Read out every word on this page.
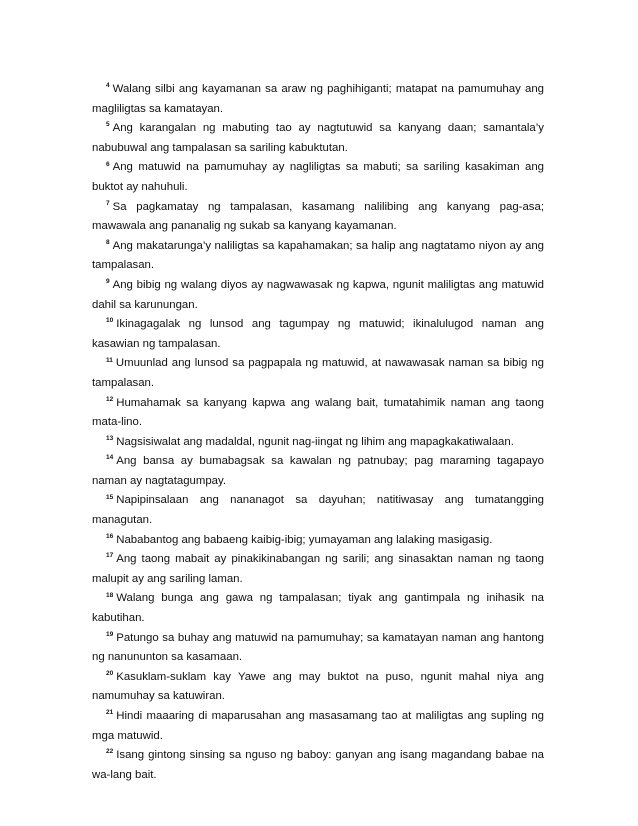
$^4$ Walang silbi ang kayamanan sa araw ng paghihiganti; matapat na pamumuhay ang magliligtas sa kamatayan.

$^5$ Ang karangalan ng mabuting tao ay nagtutuwid sa kanyang daan; samantala’y nabubuwal ang tampalasan sa sariling kabuktutan.

$^6$ Ang matuwid na pamumuhay ay nagliligtas sa mabuti; sa sariling kasakiman ang buktot ay nahuhuli.

$^7$ Sa pagkamatay ng tampalasan, kasamang nalilibing ang kanyang pag-asa; mawawala ang pananalig ng sukab sa kanyang kayamanan.

$^8$ Ang makatarunga’y naliligtas sa kapahamakan; sa halip ang nagtatamo niyon ay ang tampalasan.

$^9$ Ang bibig ng walang diyos ay nagwawasak ng kapwa, ngunit maliligtas ang matuwid dahil sa karunungan.

$^{10}$ Ikinagagalak ng lunsod ang tagumpay ng matuwid; ikinalulugod naman ang kasawian ng tampalasan.

$^{11}$ Umuunlad ang lunsod sa pagpapala ng matuwid, at nawawasak naman sa bibig ng tampalasan.

$^{12}$ Humahamak sa kanyang kapwa ang walang bait, tumatahimik naman ang taong mata-lino.

$^{13}$ Nagsisiwalat ang madaldal, ngunit nag-iingat ng lihim ang mapagkakatiwalaan.

$^{14}$ Ang bansa ay bumabagsak sa kawalan ng patnubay; pag maraming tagapayo naman ay nagtatagumpay.

$^{15}$ Napipinsalaan ang nananagot sa dayuhan; natitiwasay ang tumatangging managutan.

$^{16}$ Nababantog ang babaeng kaibig-ibig; yumayaman ang lalaking masigasig.

$^{17}$ Ang taong mabait ay pinakikinabangan ng sarili; ang sinasaktan naman ng taong malupit ay ang sariling laman.

$^{18}$ Walang bunga ang gawa ng tampalasan; tiyak ang gantimpala ng inihasik na kabutihan.

$^{19}$ Patungo sa buhay ang matuwid na pamumuhay; sa kamatayan naman ang hantong ng nanununton sa kasamaan.

$^{20}$ Kasuklam-suklam kay Yawe ang may buktot na puso, ngunit mahal niya ang namumuhay sa katuwiran.

$^{21}$ Hindi maaaring di maparusahan ang masasamang tao at maliligtas ang supling ng mga matuwid.

$^{22}$ Isang gintong sinsing sa nguso ng baboy: ganyan ang isang magandang babae na wa-lang bait.
